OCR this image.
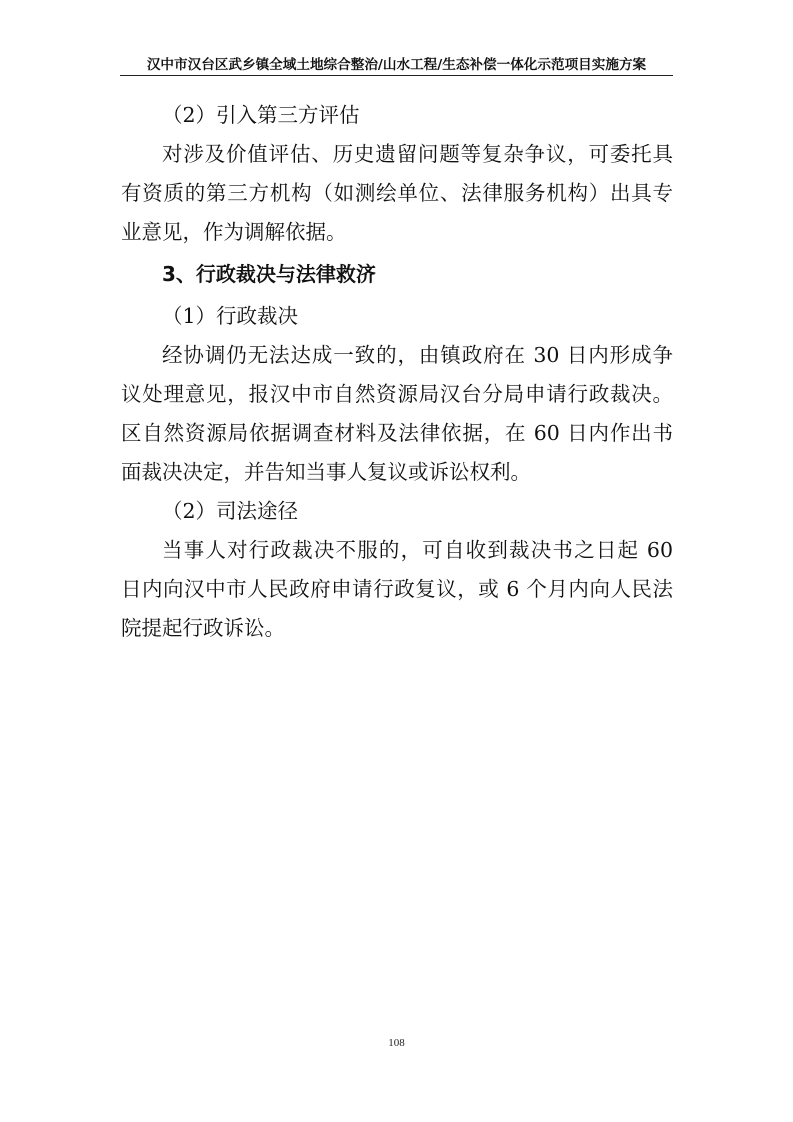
汉中市汉台区武乡镇全域土地综合整治/山水工程/生态补偿一体化示范项目实施方案
（2）引入第三方评估
对涉及价值评估、历史遗留问题等复杂争议，可委托具
有资质的第三方机构（如测绘单位、法律服务机构）出具专
业意见，作为调解依据。
3、行政裁决与法律救济
（1）行政裁决
经协调仍无法达成一致的，由镇政府在 30 日内形成争
议处理意见，报汉中市自然资源局汉台分局申请行政裁决。
区自然资源局依据调查材料及法律依据，在 60 日内作出书
面裁决决定，并告知当事人复议或诉讼权利。
（2）司法途径
当事人对行政裁决不服的，可自收到裁决书之日起 60
日内向汉中市人民政府申请行政复议，或 6 个月内向人民法
院提起行政诉讼。
108
